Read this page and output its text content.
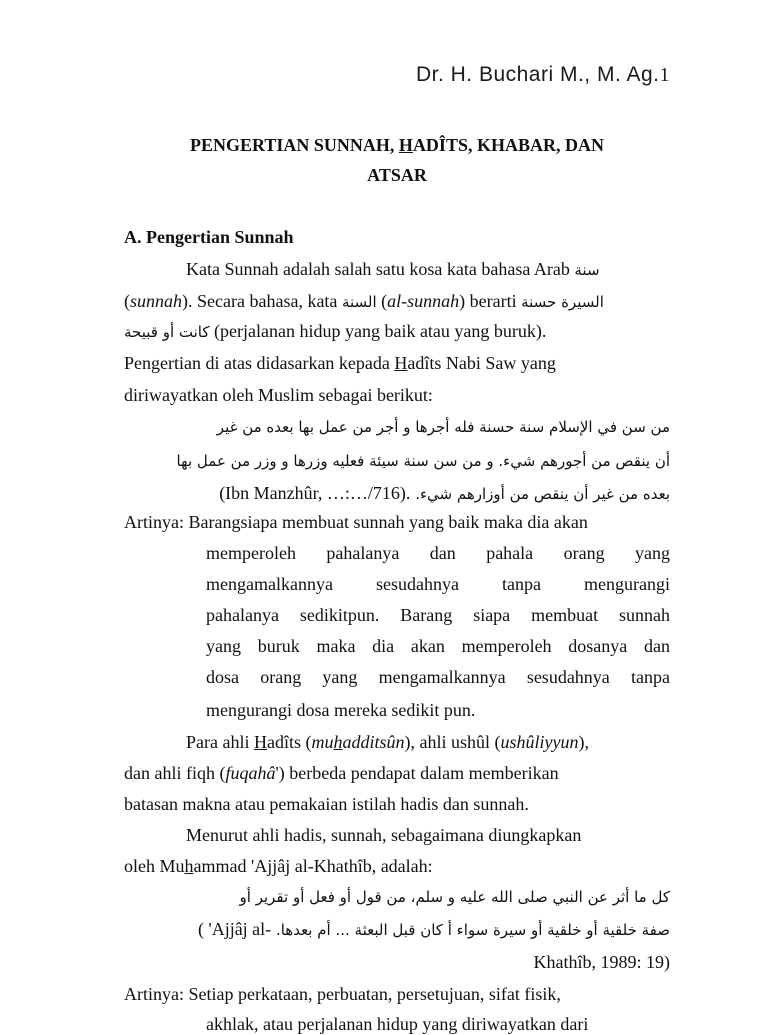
Dr. H. Buchari M., M. Ag.1
PENGERTIAN SUNNAH, HADÎTS, KHABAR, DAN
ATSAR
A. Pengertian Sunnah
Kata Sunnah adalah salah satu kosa kata bahasa Arab سنة
(sunnah). Secara bahasa, kata السنة (al-sunnah) berarti السيرة حسنة
كانت أو قبيحة (perjalanan hidup yang baik atau yang buruk).
Pengertian di atas didasarkan kepada Hadîts Nabi Saw yang
diriwayatkan oleh Muslim sebagai berikut:
من سن في الإسلام سنة حسنة فله أجرها و أجر من عمل بها بعده من غير
أن ينقص من أجورهم شيء. و من سن سنة سيئة فعليه وزرها و وزر من عمل بها
(Ibn Manzhûr, …:…/716). بعده من غير أن ينقص من أوزارهم شيء.
Artinya: Barangsiapa membuat sunnah yang baik maka dia akan
memperoleh pahalanya dan pahala orang yang
mengamalkannya sesudahnya tanpa mengurangi
pahalanya sedikitpun. Barang siapa membuat sunnah
yang buruk maka dia akan memperoleh dosanya dan
dosa orang yang mengamalkannya sesudahnya tanpa
mengurangi dosa mereka sedikit pun.
Para ahli Hadîts (muhadditsûn), ahli ushûl (ushûliyyun),
dan ahli fiqh (fuqahâ') berbeda pendapat dalam memberikan
batasan makna atau pemakaian istilah hadis dan sunnah.
Menurut ahli hadis, sunnah, sebagaimana diungkapkan
oleh Muhammad 'Ajjâj al-Khathîb, adalah:
كل ما أثر عن النبي صلى الله عليه و سلم، من قول أو فعل أو تقرير أو
( 'Ajjâj al- صفة خلقية أو خلقية أو سيرة سواء أ كان قبل البعثة ... أم بعدها.
Khathîb, 1989: 19)
Artinya: Setiap perkataan, perbuatan, persetujuan, sifat fisik,
akhlak, atau perjalanan hidup yang diriwayatkan dari
